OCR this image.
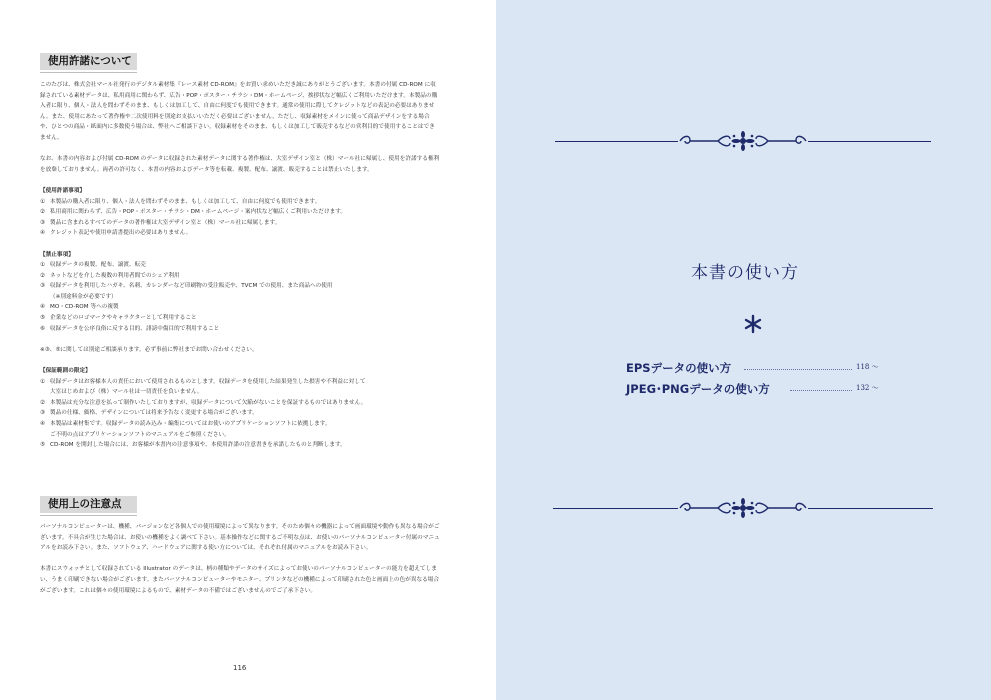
使用許諾について

このたびは、株式会社マール社発行のデジタル素材集『レース素材 CD-ROM』をお買い求めいただき誠にありがとうございます。本書の付属 CD-ROM に収録されている素材データは、私用商用に関わらず、広告・POP・ポスター・チラシ・DM・ホームページ、挨拶状など幅広くご利用いただけます。本製品の購入者に限り、個人・法人を問わずそのまま、もしくは加工して、自由に何度でも使用できます。通常の使用に際してクレジットなどの表記の必要はありません。また、使用にあたって著作権や二次使用料を別途お支払いいただく必要はございません。ただし、収録素材をメインに使って商品デザインをする場合や、ひとつの商品・紙面内に多数使う場合は、弊社へご相談下さい。収録素材をそのまま、もしくは加工して販売するなどの営利目的で使用することはできません。

なお、本書の内容および付属 CD-ROM のデータに収録された素材データに関する著作権は、大室デザイン室と（株）マール社に帰属し、使用を許諾する権利を放棄しておりません。両者の許可なく、本書の内容およびデータ等を転載、複製、配布、譲渡、販売することは禁止いたします。

【使用許諾事項】
① 本製品の購入者に限り、個人・法人を問わずそのまま、もしくは加工して、自由に何度でも使用できます。
② 私用商用に関わらず、広告・POP・ポスター・チラシ・DM・ホームページ・案内状など幅広くご利用いただけます。
③ 製品に含まれるすべてのデータの著作権は大室デザイン室と（株）マール社に帰属します。
④ クレジット表記や使用申請書提出の必要はありません。
【禁止事項】
① 収録データの複製、配布、譲渡、転売
② ネットなどを介した複数の利用者間でのシェア利用
③ 収録データを利用したハガキ、名刺、カレンダーなど印刷物の受注販売や、TVCM での使用、また商品への使用
（※別途料金が必要です）
④ MO・CD-ROM 等への複製
⑤ 企業などのロゴマークやキャラクターとして利用すること
⑥ 収録データを公序良俗に反する目的、誹謗中傷目的で利用すること

※③、⑤に関しては別途ご相談承ります。必ず事前に弊社までお問い合わせください。

【保証範囲の限定】
① 収録データはお客様本人の責任において使用されるものとします。収録データを使用した結果発生した損害や不利益に対して
大室はじめおよび（株）マール社は一切責任を負いません。
② 本製品は充分な注意を払って制作いたしておりますが、収録データについて欠陥がないことを保証するものではありません。
③ 製品の仕様、価格、デザインについては将来予告なく変更する場合がございます。
④ 本製品は素材集です。収録データの読み込み・編集についてはお使いのアプリケーションソフトに依拠します。
ご不明の点はアプリケーションソフトのマニュアルをご参照ください。
⑤ CD-ROM を開封した場合には、お客様が本書内の注意事項や、本使用許諾の注意書きを承諾したものと判断します。
使用上の注意点

パーソナルコンピューターは、機種、バージョンなど各個人での使用環境によって異なります。そのため個々の機器によって画面環境や動作も異なる場合がございます。不具合が生じた場合は、お使いの機種をよく調べて下さい。基本操作などに関するご不明な点は、お使いのパーソナルコンピューター付属のマニュアルをお読み下さい。また、ソフトウェア、ハードウェアに関する使い方については、それぞれ付属のマニュアルをお読み下さい。

本書にスウォッチとして収録されている Illustrator のデータは、柄の種類やデータのサイズによってお使いのパーソナルコンピューターの能力を超えてしまい、うまく印刷できない場合がございます。またパーソナルコンピューターやモニター、プリンタなどの機種によって印刷された色と画面上の色が異なる場合がございます。これは個々の使用環境によるもので、素材データの不備ではございませんのでご了承下さい。

116
本書の使い方
EPSデータの使い方	118 ～
JPEG･PNGデータの使い方	132 ～
